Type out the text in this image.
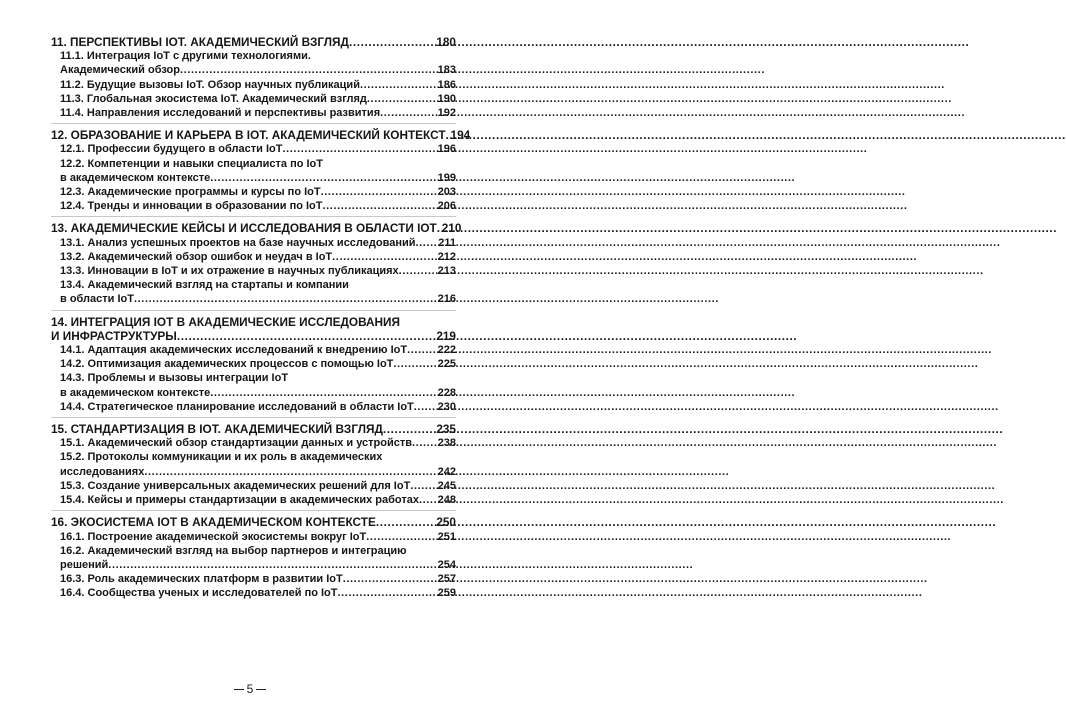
11. ПЕРСПЕКТИВЫ IOT. АКАДЕМИЧЕСКИЙ ВЗГЛЯД .....	180
11.1. Интеграция IoT с другими технологиями.
Академический обзор .....	183
11.2. Будущие вызовы IoT. Обзор научных публикаций .....	186
11.3. Глобальная экосистема IoT. Академический взгляд .....	190
11.4. Направления исследований и перспективы развития .....	192
12. ОБРАЗОВАНИЕ И КАРЬЕРА В IOT. АКАДЕМИЧЕСКИЙ КОНТЕКСТ ..... 194
12.1. Профессии будущего в области IoT .....	196
12.2. Компетенции и навыки специалиста по IoT
в академическом контексте .....	199
12.3. Академические программы и курсы по IoT .....	203
12.4. Тренды и инновации в образовании по IoT .....	206
13. АКАДЕМИЧЕСКИЕ КЕЙСЫ И ИССЛЕДОВАНИЯ В ОБЛАСТИ IOT ..... 210
13.1. Анализ успешных проектов на базе научных исследований ..... 211
13.2. Академический обзор ошибок и неудач в IoT .....	212
13.3. Инновации в IoT и их отражение в научных публикациях .....	213
13.4. Академический взгляд на стартапы и компании
в области IoT .....	216
14. ИНТЕГРАЦИЯ IOT В АКАДЕМИЧЕСКИЕ ИССЛЕДОВАНИЯ
И ИНФРАСТРУКТУРЫ .....	219
14.1. Адаптация академических исследований к внедрению IoT .....	222
14.2. Оптимизация академических процессов с помощью IoT .....	225
14.3. Проблемы и вызовы интеграции IoT
в академическом контексте .....	228
14.4. Стратегическое планирование исследований в области IoT ..... 230
15. СТАНДАРТИЗАЦИЯ В IOT. АКАДЕМИЧЕСКИЙ ВЗГЛЯД .....	235
15.1. Академический обзор стандартизации данных и устройств ..... 238
15.2. Протоколы коммуникации и их роль в академических
исследованиях .....	242
15.3. Создание универсальных академических решений для IoT ..... 245
15.4. Кейсы и примеры стандартизации в академических работах ..... 248
16. ЭКОСИСТЕМА IOT В АКАДЕМИЧЕСКОМ КОНТЕКСТЕ .....	250
16.1. Построение академической экосистемы вокруг IoT .....	251
16.2. Академический взгляд на выбор партнеров и интеграцию
решений .....	254
16.3. Роль академических платформ в развитии IoT .....	257
16.4. Сообщества ученых и исследователей по IoT .....	259
5
